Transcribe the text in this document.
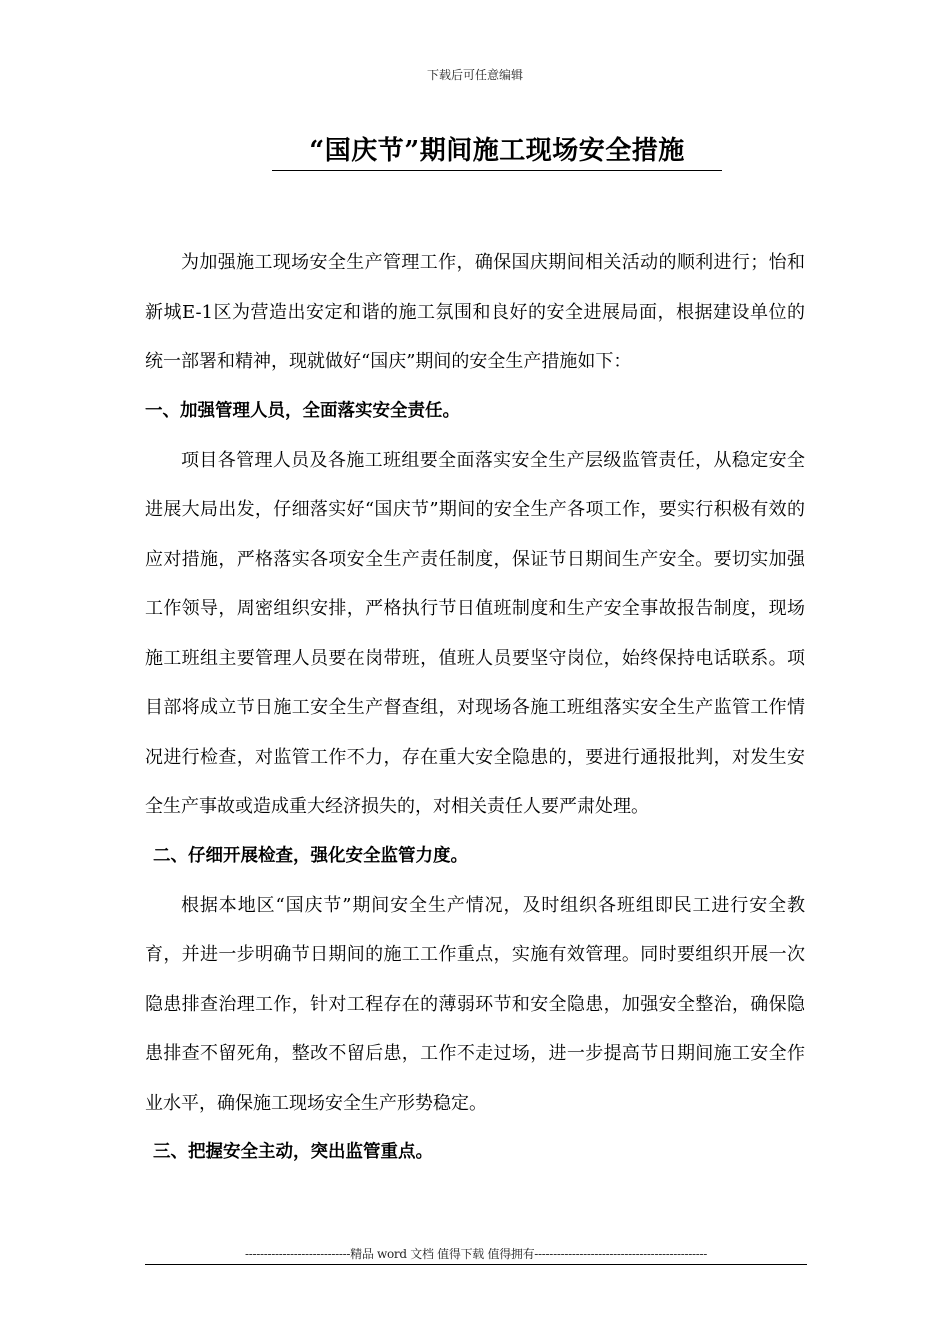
下载后可任意编辑
“国庆节”期间施工现场安全措施

为加强施工现场安全生产管理工作，确保国庆期间相关活动的顺利进行；怡和新城E-1区为营造出安定和谐的施工氛围和良好的安全进展局面，根据建设单位的统一部署和精神，现就做好“国庆”期间的安全生产措施如下：

一、加强管理人员，全面落实安全责任。

项目各管理人员及各施工班组要全面落实安全生产层级监管责任，从稳定安全进展大局出发，仔细落实好“国庆节”期间的安全生产各项工作，要实行积极有效的应对措施，严格落实各项安全生产责任制度，保证节日期间生产安全。要切实加强工作领导，周密组织安排，严格执行节日值班制度和生产安全事故报告制度，现场施工班组主要管理人员要在岗带班，值班人员要坚守岗位，始终保持电话联系。项目部将成立节日施工安全生产督查组，对现场各施工班组落实安全生产监管工作情况进行检查，对监管工作不力，存在重大安全隐患的，要进行通报批判，对发生安全生产事故或造成重大经济损失的，对相关责任人要严肃处理。

二、仔细开展检查，强化安全监管力度。

根据本地区“国庆节”期间安全生产情况，及时组织各班组即民工进行安全教育，并进一步明确节日期间的施工工作重点，实施有效管理。同时要组织开展一次隐患排查治理工作，针对工程存在的薄弱环节和安全隐患，加强安全整治，确保隐患排查不留死角，整改不留后患，工作不走过场，进一步提高节日期间施工安全作业水平，确保施工现场安全生产形势稳定。

三、把握安全主动，突出监管重点。

----------------------------精品 word 文档 值得下载 值得拥有----------------------------------------------
